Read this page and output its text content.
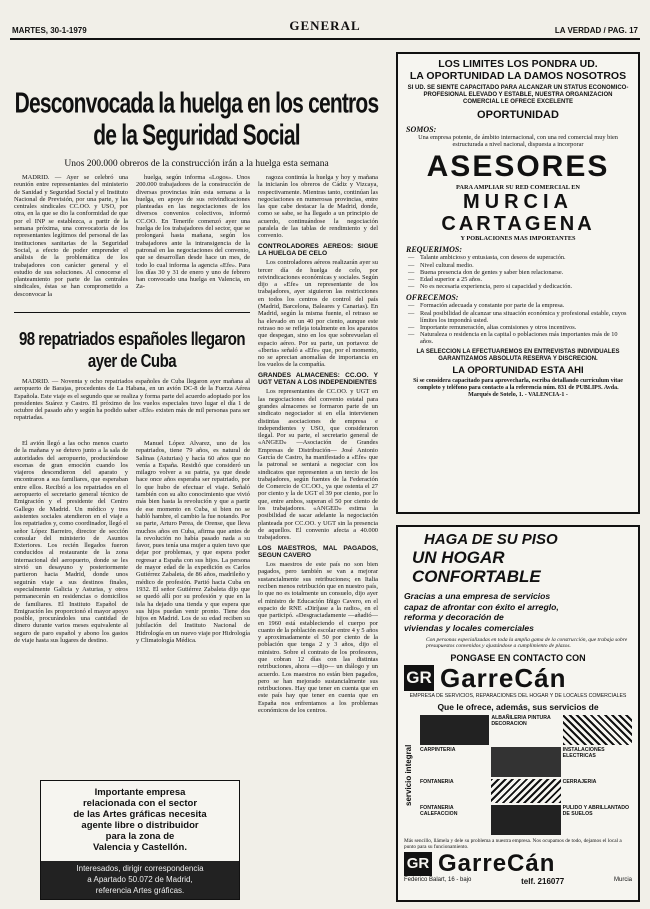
MARTES, 30-1-1979	GENERAL	LA VERDAD / PAG. 17
Desconvocada la huelga en los centros
de la Seguridad Social
Unos 200.000 obreros de la construcción irán a la huelga esta semana

MADRID. — Ayer se celebró una reunión entre representantes del ministerio de Sanidad y Seguridad Social y el Instituto Nacional de Previsión, por una parte, y las centrales sindicales CC.OO. y USO, por otra, en la que se dio la conformidad de que por el INP se establezca, a partir de la semana próxima, una convocatoria de los representantes legítimos del personal de las instituciones sanitarias de la Seguridad Social, a efecto de poder emprender el análisis de la problemática de los trabajadores con carácter general y el estudio de sus soluciones. Al conocerse el planteamiento por parte de las centrales sindicales, éstas se han comprometido a desconvocar la

huelga, según informa «Logos». Unos 200.000 trabajadores de la construcción de diversas provincias irán esta semana a la huelga, en apoyo de sus reivindicaciones planteadas en las negociaciones de los diversos convenios colectivos, informó CC.OO. En Tenerife comenzó ayer una huelga de los trabajadores del sector, que se prolongará hasta mañana, según los trabajadores ante la intransigencia de la patronal en las negociaciones del convenio, que se desarrollan desde hace un mes, de todo lo cual informa la agencia «Efe». Para los días 30 y 31 de enero y uno de febrero han convocado una huelga en Valencia, en Za-

ragoza continúa la huelga y hoy y mañana la iniciarán los obreros de Cádiz y Vizcaya, respectivamente. Mientras tanto, continúan las negociaciones en numerosas provincias, entre las que cabe destacar la de Madrid, donde, como se sabe, se ha llegado a un principio de acuerdo, continuándose la negociación paralela de las tablas de rendimiento y del convenio.

CONTROLADORES AEREOS: SIGUE LA HUELGA DE CELO

Los controladores aéreos realizarán ayer su tercer día de huelga de celo, por reivindicaciones económicas y sociales. Según dijo a «Efe» un representante de los trabajadores, ayer siguieron las restricciones en todos los centros de control del país (Madrid, Barcelona, Baleares y Canarias). En Madrid, según la misma fuente, el retraso se ha elevado en un 40 por ciento, aunque este retraso no se refleja totalmente en los aparatos que despegan, sino en los que sobrevuelan el espacio aéreo. Por su parte, un portavoz de «Iberia» señaló a «Efe» que, por el momento, no se aprecian anomalías de importancia en los vuelos de la compañía.

GRANDES ALMACENES: CC.OO. Y UGT VETAN A LOS INDEPENDIENTES

Los representantes de CC.OO. y UGT en las negociaciones del convenio estatal para grandes almacenes se formaron parte de un sindicato negociador si en ella intervienen distintas asociaciones de empresa e independientes y USO, que consideraron ilegal. Por su parte, el secretario general de «ANGED» —Asociación de Grandes Empresas de Distribución— José Antonio García de Castro, ha manifestado a «Efe» que la patronal se sentará a negociar con los sindicatos que representen a un tercio de los trabajadores, según fuentes de la Federación de Comercio de CC.OO., ya que ostenta el 27 por ciento y la de UGT el 39 por ciento, por lo que, entre ambos, superan el 50 por ciento de los trabajadores. «ANGED» estima la posibilidad de sacar adelante la negociación planteada por CC.OO. y UGT sin la presencia de aquellos. El convenio afecta a 40.000 trabajadores.

LOS MAESTROS, MAL PAGADOS, SEGUN CAVERO

Los maestros de este país no son bien pagados, pero también se van a mejorar sustancialmente sus retribuciones; en Italia reciben menos retribución que en nuestro país, lo que no es totalmente un consuelo, dijo ayer el ministro de Educación Iñigo Cavero, en el espacio de RNE «Diríjase a la radio», en el que participó. «Desgraciadamente —añadió— en 1960 está estableciendo el cuerpo por cuanto de la población escolar entre 4 y 5 años y aproximadamente el 50 por ciento de la población que tenga 2 y 3 años, dijo el ministro. Sobre el contrato de los profesores, que cobran 12 días con las distintas retribuciones, ahora —dijo— un diálogo y un acuerdo. Los maestros no están bien pagados, pero se han mejorado sustancialmente sus retribuciones. Hay que tener en cuenta que en este país hay que tener en cuenta que en España nos enfrentamos a los problemas económicos de los centros.

98 repatriados españoles llegaron
ayer de Cuba

MADRID. — Noventa y ocho repatriados españoles de Cuba llegaron ayer mañana al aeropuerto de Barajas, procedentes de La Habana, en un avión DC-8 de la Fuerza Aérea Española. Este viaje es el segundo que se realiza y forma parte del acuerdo adoptado por los presidentes Suárez y Castro. El próximo de los vuelos especiales tuvo lugar el día 1 de octubre del pasado año y según ha podido saber «Efe» existen más de mil personas para ser repatriadas.

El avión llegó a las ocho menos cuarto de la mañana y se detuvo junto a la sala de autoridades del aeropuerto, produciéndose escenas de gran emoción cuando los viajeros descendieron del aparato y encontraron a sus familiares, que esperaban entre ellos. Recibió a los repatriados en el aeropuerto el secretario general técnico de Emigración y el presidente del Centro Gallego de Madrid. Un médico y tres asistentes sociales atendieron en el viaje a los repatriados y, como coordinador, llegó el señor López Barreiro, director de sección consular del ministerio de Asuntos Exteriores. Los recién llegados fueron conducidos al restaurante de la zona internacional del aeropuerto, donde se les sirvió un desayuno y posteriormente partieron hacia Madrid, donde unos seguirán viaje a sus destinos finales, especialmente Galicia y Asturias, y otros permanecerán en residencias o domicilios de familiares. El Instituto Español de Emigración les proporcionó el mayor apoyo posible, procurándoles una cantidad de dinero durante varios meses equivalente al seguro de paro español y abono los gastos de viaje hasta sus lugares de destino.

Manuel López Alvarez, uno de los repatriados, tiene 79 años, es natural de Salinas (Asturias) y hacía 60 años que no venía a España. Residió que consideró un milagro volver a su patria, ya que desde hace once años esperaba ser repatriado, por lo que hubo de efectuar el viaje. Señaló también con su alto conocimiento que vivió más bien hasta la revolución y que a partir de ese momento en Cuba, si bien no se habló hambre, el cambio la fue notando. Por su parte, Arturo Perea, de Orense, que lleva muchos años en Cuba, afirma que antes de la revolución no había pasado nada a su favor, pues tenía una mujer a quien tuvo que dejar por problemas, y que espera poder regresar a España con sus hijos. La persona de mayor edad de la expedición es Carlos Gutiérrez Zabaleta, de 86 años, madrileño y médico de profesión. Partió hacia Cuba en 1932. El señor Gutiérrez Zabaleta dijo que se quedó allí por su profesión y que en la isla ha dejado una tienda y que espera que sus hijos puedan venir pronto. Tiene dos hijos en Madrid. Los de su edad reciben su jubilación del Instituto Nacional de Hidrología en un nuevo viaje por Hidrología y Climatología Médica.

Importante empresa
relacionada con el sector
de las Artes gráficas necesita
agente libre o distribuidor
para la zona de
Valencia y Castellón.
Interesados, dirigir correspondencia
a Apartado 50.072 de Madrid,
referencia Artes gráficas.
LOS LIMITES LOS PONDRA UD.
LA OPORTUNIDAD LA DAMOS NOSOTROS
SI UD. SE SIENTE CAPACITADO PARA ALCANZAR UN STATUS ECONOMICO-PROFESIONAL ELEVADO Y ESTABLE, NUESTRA ORGANIZACION COMERCIAL LE OFRECE EXCELENTE
OPORTUNIDAD
SOMOS:
Una empresa potente, de ámbito internacional, con una red comercial muy bien estructurada a nivel nacional, dispuesta a incorporar
ASESORES
PARA AMPLIAR SU RED COMERCIAL EN
MURCIA
CARTAGENA
Y POBLACIONES MAS IMPORTANTES
REQUERIMOS:
— Talante ambicioso y entusiasta, con deseos de superación.
— Nivel cultural medio.
— Buena presencia don de gentes y saber bien relacionarse.
— Edad superior a 25 años.
— No es necesaria experiencia, pero si capacidad y dedicación.
OFRECEMOS:
— Formación adecuada y constante por parte de la empresa.
— Real posibilidad de alcanzar una situación económica y profesional estable, cuyos límites los impondrá usted.
— Importante remuneración, altas comisiones y otros incentivos.
— Naturaleza o residencia en la capital o poblaciones más importantes más de 10 años.
LA SELECCION LA EFECTUAREMOS EN ENTREVISTAS INDIVIDUALES GARANTIZAMOS ABSOLUTA RESERVA Y DISCRECION.
LA OPORTUNIDAD ESTA AHI
Si se considera capacitado para aprovecharla, escriba detallando currículum vitae completo y teléfono para contacto a la referencia núm. 831 de PUBLIPS. Avda. Marqués de Sotelo, 1. - VALENCIA-1 -
HAGA DE SU PISO
UN HOGAR CONFORTABLE
Gracias a una empresa de servicios
capaz de afrontar con éxito el arreglo,
reforma y decoración de
viviendas y locales comerciales
Con personas especializadas en toda la amplia gama de la construcción, que trabaja sobre presupuestos convenidos y ajustándose a cumplimiento de plazos.
PONGASE EN CONTACTO CON
GR GarreCán
EMPRESA DE SERVICIOS, REPARACIONES DEL HOGAR Y DE LOCALES COMERCIALES
Que le ofrece, además, sus servicios de
servicio integral
ALBAÑILERIA PINTURA DECORACION
CARPINTERIA	INSTALACIONES ELECTRICAS
FONTANERIA	CERRAJERIA
FONTANERIA CALEFACCION
PULIDO Y ABRILLANTADO DE SUELOS
Más sencillo, llámela y dele su problema a nuestra empresa. Nos ocupamos de todo, dejamos el local a punto para su funcionamiento.
GR GarreCán
Federico Balart, 16 - bajo	telf. 216077	Murcia
